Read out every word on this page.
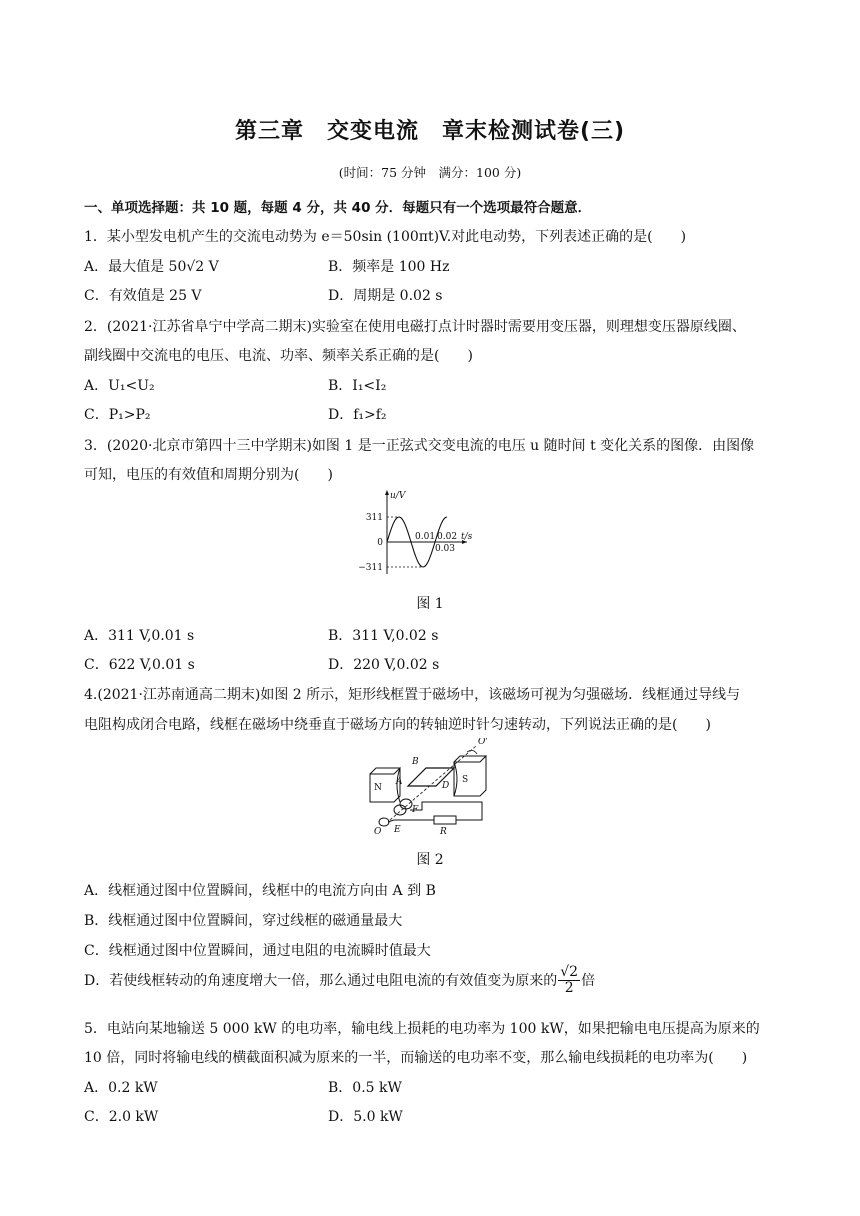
第三章　交变电流　章末检测试卷(三)
(时间：75 分钟　满分：100 分)
一、单项选择题：共 10 题，每题 4 分，共 40 分．每题只有一个选项最符合题意．
1．某小型发电机产生的交流电动势为 e＝50sin (100πt)V.对此电动势，下列表述正确的是(　　)
A．最大值是 50√2 V	B．频率是 100 Hz
C．有效值是 25 V	D．周期是 0.02 s
2．(2021·江苏省阜宁中学高二期末)实验室在使用电磁打点计时器时需要用变压器，则理想变压器原线圈、
副线圈中交流电的电压、电流、功率、频率关系正确的是(　　)
A．U₁<U₂	B．I₁<I₂
C．P₁>P₂	D．f₁>f₂
3．(2020·北京市第四十三中学期末)如图 1 是一正弦式交变电流的电压 u 随时间 t 变化关系的图像．由图像
可知，电压的有效值和周期分别为(　　)
u/V
t/s
311
0
−311
0.01 0.02
0.03
图 1
A．311 V,0.01 s	B．311 V,0.02 s
C．622 V,0.01 s	D．220 V,0.02 s
4.(2021·江苏南通高二期末)如图 2 所示，矩形线框置于磁场中，该磁场可视为匀强磁场．线框通过导线与
电阻构成闭合电路，线框在磁场中绕垂直于磁场方向的转轴逆时针匀速转动，下列说法正确的是(　　)
N
S
A
B
D
F
O'
O E	R
图 2
A．线框通过图中位置瞬间，线框中的电流方向由 A 到 B
B．线框通过图中位置瞬间，穿过线框的磁通量最大
C．线框通过图中位置瞬间，通过电阻的电流瞬时值最大
D．若使线框转动的角速度增大一倍，那么通过电阻电流的有效值变为原来的 $\frac{√2}{2}$ 倍
5．电站向某地输送 5 000 kW 的电功率，输电线上损耗的电功率为 100 kW，如果把输电电压提高为原来的
10 倍，同时将输电线的横截面积减为原来的一半，而输送的电功率不变，那么输电线损耗的电功率为(　　)
A．0.2 kW	B．0.5 kW
C．2.0 kW	D．5.0 kW
